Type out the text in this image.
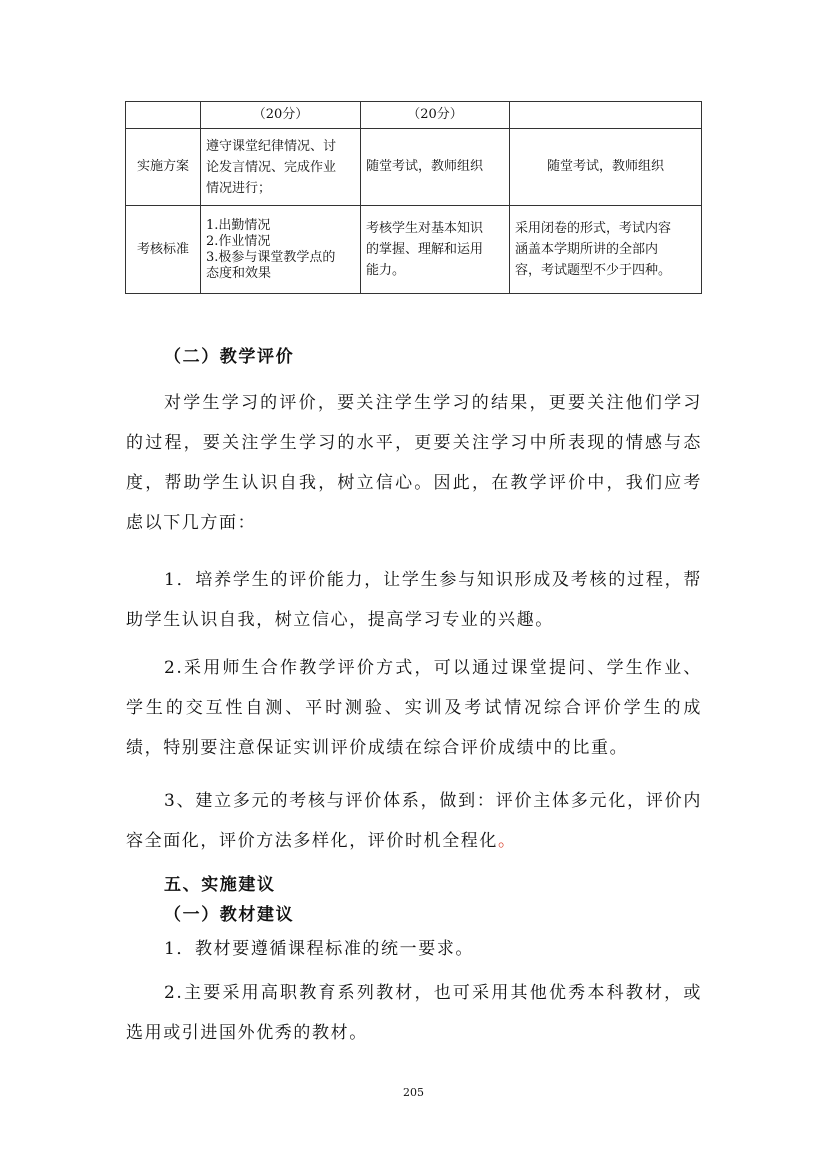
	（20分）	（20分）	
实施方案	遵守课堂纪律情况、讨
论发言情况、完成作业
情况进行；	随堂考试，教师组织	随堂考试，教师组织
考核标准	1.出勤情况
2.作业情况
3.极参与课堂教学点的
态度和效果	考核学生对基本知识
的掌握、理解和运用
能力。	采用闭卷的形式，考试内容
涵盖本学期所讲的全部内
容，考试题型不少于四种。
（二）教学评价

对学生学习的评价，要关注学生学习的结果，更要关注他们学习的过程，要关注学生学习的水平，更要关注学习中所表现的情感与态度，帮助学生认识自我，树立信心。因此，在教学评价中，我们应考虑以下几方面：

1．培养学生的评价能力，让学生参与知识形成及考核的过程，帮助学生认识自我，树立信心，提高学习专业的兴趣。

2.采用师生合作教学评价方式，可以通过课堂提问、学生作业、学生的交互性自测、平时测验、实训及考试情况综合评价学生的成绩，特别要注意保证实训评价成绩在综合评价成绩中的比重。

3、建立多元的考核与评价体系，做到：评价主体多元化，评价内容全面化，评价方法多样化，评价时机全程化。

五、实施建议
（一）教材建议

1．教材要遵循课程标准的统一要求。

2.主要采用高职教育系列教材，也可采用其他优秀本科教材，或选用或引进国外优秀的教材。

205
